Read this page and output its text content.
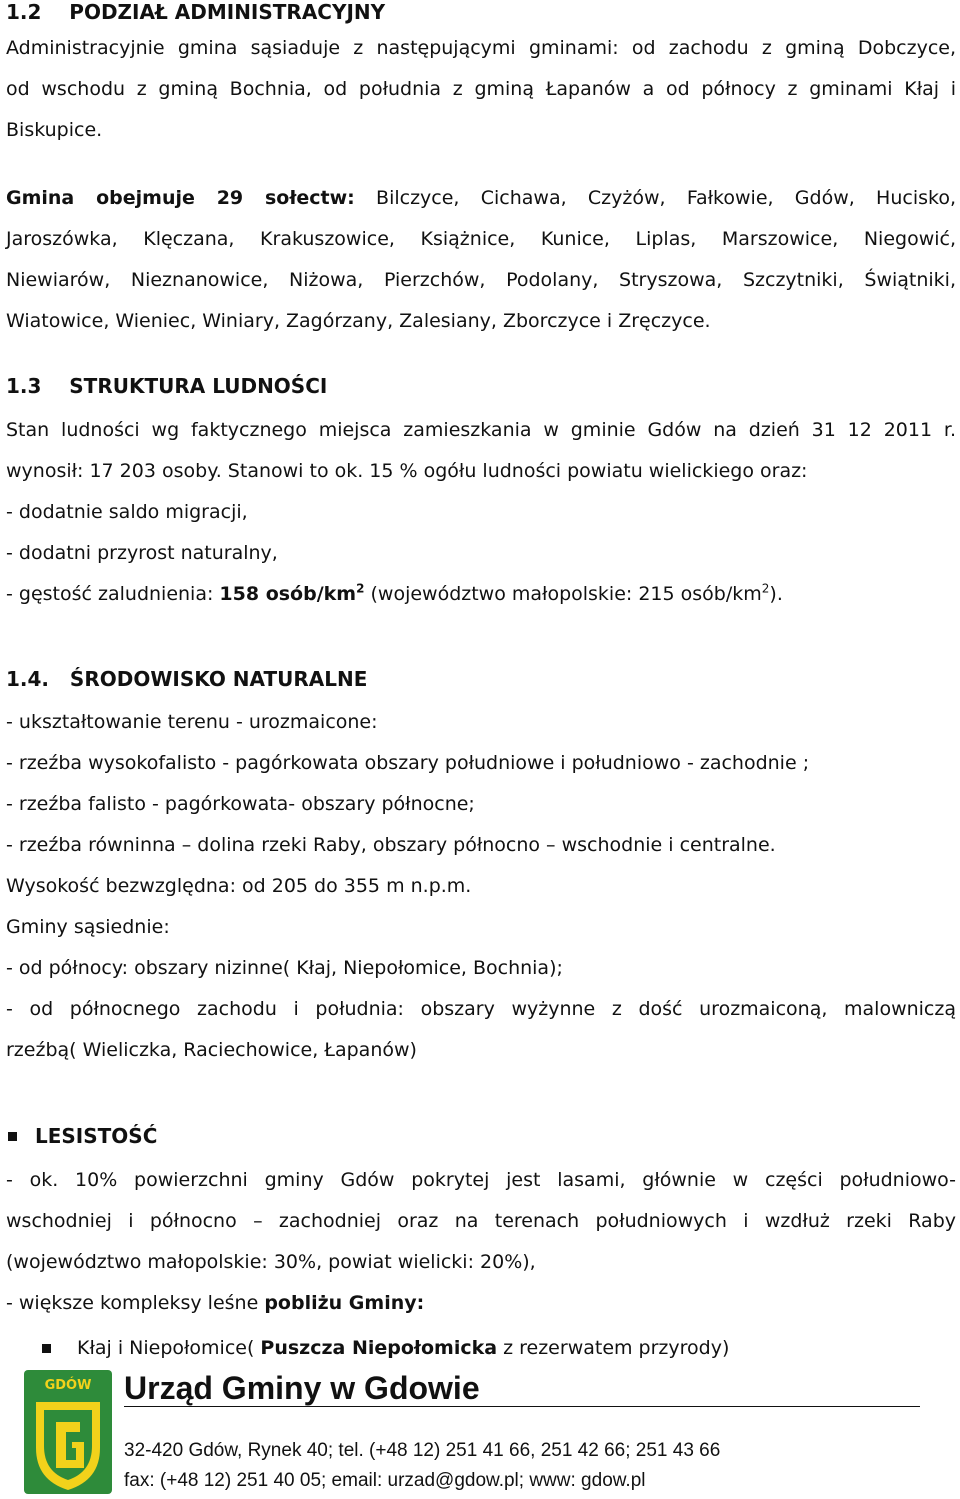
1.2    PODZIAŁ ADMINISTRACYJNY

Administracyjnie gmina sąsiaduje z następującymi gminami: od zachodu z gminą Dobczyce,

od wschodu z gminą Bochnia, od południa z gminą Łapanów a od północy z gminami Kłaj i

Biskupice.

Gmina obejmuje 29 sołectw: Bilczyce, Cichawa, Czyżów, Fałkowie, Gdów, Hucisko,

Jaroszówka, Klęczana, Krakuszowice, Książnice, Kunice, Liplas, Marszowice, Niegowić,

Niewiarów, Nieznanowice, Niżowa, Pierzchów, Podolany, Stryszowa, Szczytniki, Świątniki,

Wiatowice, Wieniec, Winiary, Zagórzany, Zalesiany, Zborczyce i Zręczyce.

1.3    STRUKTURA LUDNOŚCI

Stan ludności wg faktycznego miejsca zamieszkania w gminie Gdów na dzień 31 12 2011 r.

wynosił: 17 203 osoby. Stanowi to ok. 15 % ogółu ludności powiatu wielickiego oraz:

- dodatnie saldo migracji,

- dodatni przyrost naturalny,

- gęstość zaludnienia: 158 osób/$km^2$ (województwo małopolskie: 215 osób/$km^2$).

1.4.   ŚRODOWISKO NATURALNE

- ukształtowanie terenu - urozmaicone:

- rzeźba wysokofalisto - pagórkowata obszary południowe i południowo - zachodnie ;

- rzeźba falisto - pagórkowata- obszary północne;

- rzeźba równinna – dolina rzeki Raby, obszary północno – wschodnie i centralne.

Wysokość bezwzględna: od 205 do 355 m n.p.m.

Gminy sąsiednie:

- od północy: obszary nizinne( Kłaj, Niepołomice, Bochnia);

- od północnego zachodu i południa: obszary wyżynne z dość urozmaiconą, malowniczą

rzeźbą( Wieliczka, Raciechowice, Łapanów)

LESISTOŚĆ

- ok. 10% powierzchni gminy Gdów pokrytej jest lasami, głównie w części południowo-

wschodniej i północno – zachodniej oraz na terenach południowych i wzdłuż rzeki Raby

(województwo małopolskie: 30%, powiat wielicki: 20%),

- większe kompleksy leśne pobliżu Gminy:

Kłaj i Niepołomice( Puszcza Niepołomicka z rezerwatem przyrody)

GDÓW Urząd Gminy w Gdowie
32-420 Gdów, Rynek 40; tel. (+48 12) 251 41 66, 251 42 66; 251 43 66
fax: (+48 12) 251 40 05; email: urzad@gdow.pl; www: gdow.pl
